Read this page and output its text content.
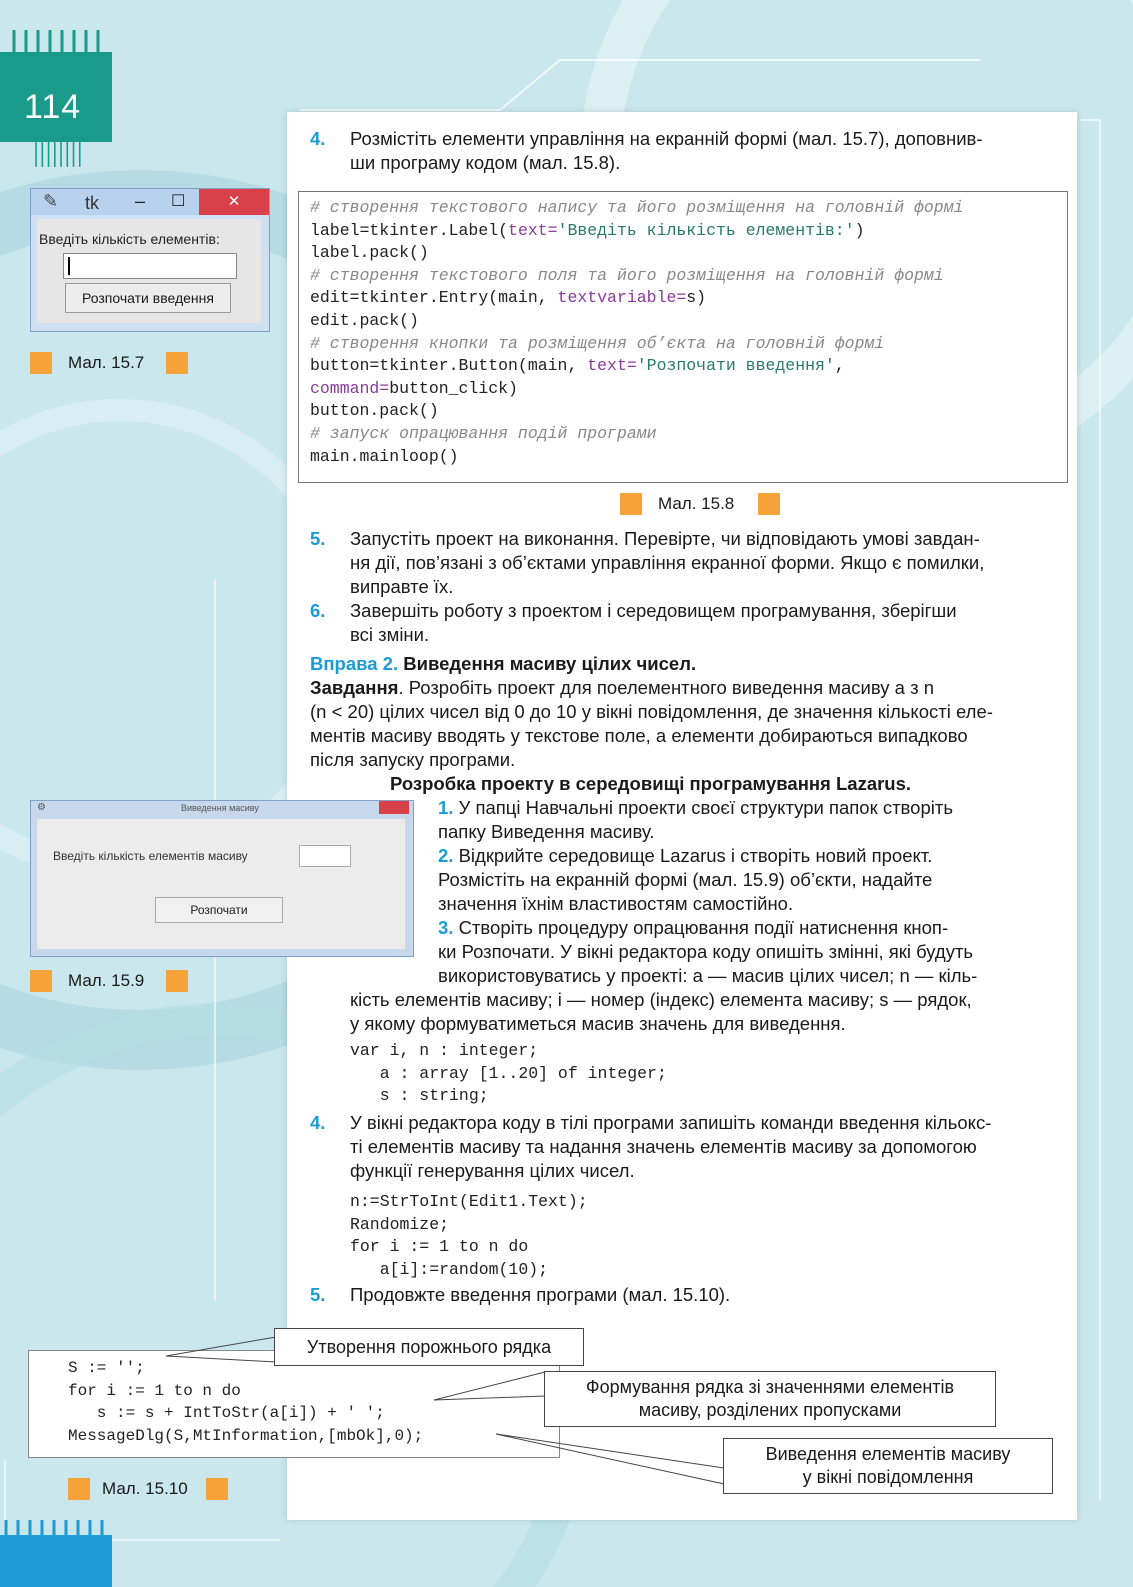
114
✎ tk – ☐	✕
Введіть кількість елементів:
Розпочати введення
Мал. 15.7
4.	Розмістіть елементи управління на екранній формі (мал. 15.7), доповнив-
ши програму кодом (мал. 15.8).
# створення текстового напису та його розміщення на головній формі
label=tkinter.Label(text='Введіть кількість елементів:')
label.pack()
# створення текстового поля та його розміщення на головній формі
edit=tkinter.Entry(main, textvariable=s)
edit.pack()
# створення кнопки та розміщення об’єкта на головній формі
button=tkinter.Button(main, text='Розпочати введення',
command=button_click)
button.pack()
# запуск опрацювання подій програми
main.mainloop()
Мал. 15.8
5.	Запустіть проект на виконання. Перевірте, чи відповідають умові завдан-
ня дії, пов’язані з об’єктами управління екранної форми. Якщо є помилки,
виправте їх.
6.	Завершіть роботу з проектом і середовищем програмування, зберігши
всі зміни.
Вправа 2. Виведення масиву цілих чисел.
Завдання. Розробіть проект для поелементного виведення масиву a з n
(n < 20) цілих чисел від 0 до 10 у вікні повідомлення, де значення кількості еле-
ментів масиву вводять у текстове поле, а елементи добираються випадково
після запуску програми.
Розробка проекту в середовищі програмування Lazarus.
⚙	Виведення масиву
Введіть кількість елементів масиву
Розпочати
Мал. 15.9
1. У папці Навчальні проекти своєї структури папок створіть
папку Виведення масиву.
2. Відкрийте середовище Lazarus і створіть новий проект.
Розмістіть на екранній формі (мал. 15.9) об’єкти, надайте
значення їхнім властивостям самостійно.
3. Створіть процедуру опрацювання події натиснення кноп-
ки Розпочати. У вікні редактора коду опишіть змінні, які будуть
використовуватись у проекті: a — масив цілих чисел; n — кіль-
кість елементів масиву; i — номер (індекс) елемента масиву; s — рядок,
у якому формуватиметься масив значень для виведення.
var i, n : integer;
a : array [1..20] of integer;
s : string;
4.	У вікні редактора коду в тілі програми запишіть команди введення кільокс-
ті елементів масиву та надання значень елементів масиву за допомогою
функції генерування цілих чисел.
n:=StrToInt(Edit1.Text);
Randomize;
for i := 1 to n do
a[i]:=random(10);
5.	Продовжте введення програми (мал. 15.10).
S := '';
for i := 1 to n do
s := s + IntToStr(a[i]) + ' ';
MessageDlg(S,MtInformation,[mbOk],0);
Утворення порожнього рядка
Формування рядка зі значеннями елементів
масиву, розділених пропусками
Виведення елементів масиву
у вікні повідомлення
Мал. 15.10
